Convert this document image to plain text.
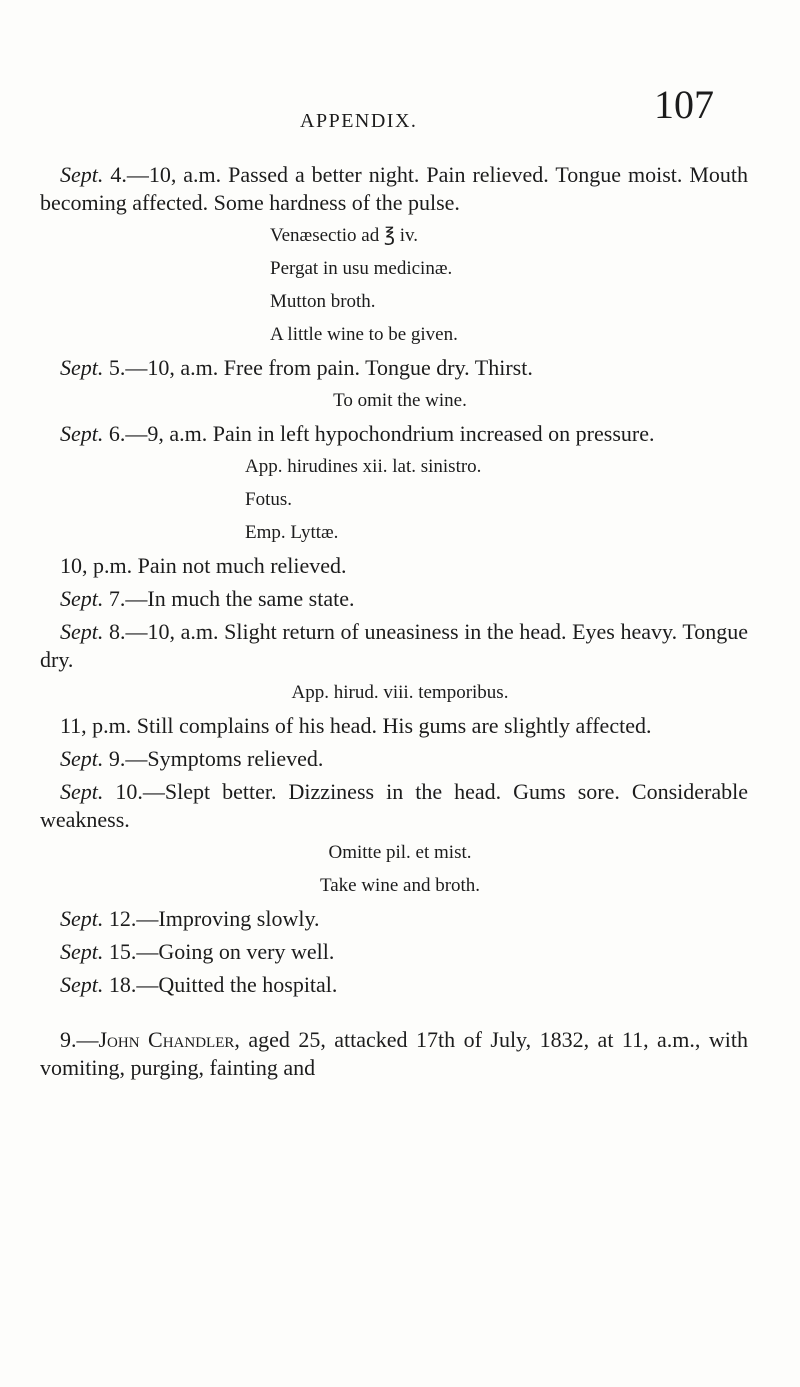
APPENDIX.	107

Sept. 4.—10, a.m. Passed a better night. Pain relieved. Tongue moist. Mouth becoming affected. Some hardness of the pulse.

Venæsectio ad ℥ iv.

Pergat in usu medicinæ.

Mutton broth.

A little wine to be given.

Sept. 5.—10, a.m. Free from pain. Tongue dry. Thirst.

To omit the wine.

Sept. 6.—9, a.m. Pain in left hypochondrium increased on pressure.

App. hirudines xii. lat. sinistro.

Fotus.

Emp. Lyttæ.

10, p.m. Pain not much relieved.

Sept. 7.—In much the same state.

Sept. 8.—10, a.m. Slight return of uneasiness in the head. Eyes heavy. Tongue dry.

App. hirud. viii. temporibus.

11, p.m. Still complains of his head. His gums are slightly affected.

Sept. 9.—Symptoms relieved.

Sept. 10.—Slept better. Dizziness in the head. Gums sore. Considerable weakness.

Omitte pil. et mist.

Take wine and broth.

Sept. 12.—Improving slowly.

Sept. 15.—Going on very well.

Sept. 18.—Quitted the hospital.

9.—John Chandler, aged 25, attacked 17th of July, 1832, at 11, a.m., with vomiting, purging, fainting and
